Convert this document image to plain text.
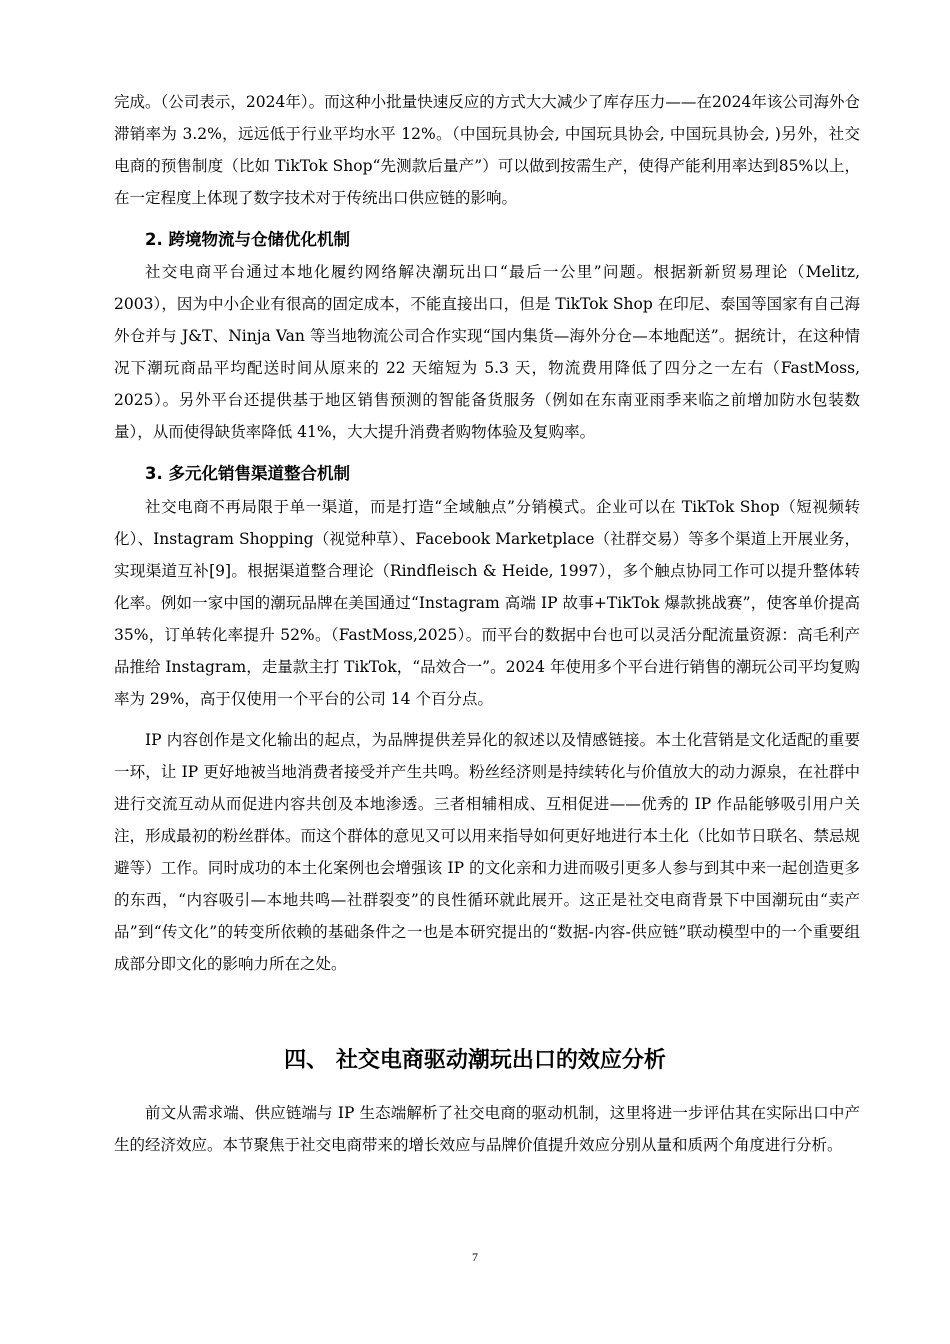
完成。（公司表示，2024年）。而这种小批量快速反应的方式大大减少了库存压力——在2024年该公司海外仓滞销率为 3.2%，远远低于行业平均水平 12%。（中国玩具协会, 中国玩具协会, 中国玩具协会, )另外，社交电商的预售制度（比如 TikTok Shop“先测款后量产”）可以做到按需生产，使得产能利用率达到85%以上，在一定程度上体现了数字技术对于传统出口供应链的影响。

2. 跨境物流与仓储优化机制

社交电商平台通过本地化履约网络解决潮玩出口“最后一公里”问题。根据新新贸易理论（Melitz, 2003），因为中小企业有很高的固定成本，不能直接出口，但是 TikTok Shop 在印尼、泰国等国家有自己海外仓并与 J&T、Ninja Van 等当地物流公司合作实现“国内集货—海外分仓—本地配送”。据统计，在这种情况下潮玩商品平均配送时间从原来的 22 天缩短为 5.3 天，物流费用降低了四分之一左右（FastMoss, 2025）。另外平台还提供基于地区销售预测的智能备货服务（例如在东南亚雨季来临之前增加防水包装数量），从而使得缺货率降低 41%，大大提升消费者购物体验及复购率。

3. 多元化销售渠道整合机制

社交电商不再局限于单一渠道，而是打造“全域触点”分销模式。企业可以在 TikTok Shop（短视频转化）、Instagram Shopping（视觉种草）、Facebook Marketplace（社群交易）等多个渠道上开展业务，实现渠道互补[9]。根据渠道整合理论（Rindfleisch & Heide, 1997），多个触点协同工作可以提升整体转化率。例如一家中国的潮玩品牌在美国通过“Instagram 高端 IP 故事+TikTok 爆款挑战赛”，使客单价提高 35%，订单转化率提升 52%。（FastMoss,2025）。而平台的数据中台也可以灵活分配流量资源：高毛利产品推给 Instagram，走量款主打 TikTok，“品效合一”。2024 年使用多个平台进行销售的潮玩公司平均复购率为 29%，高于仅使用一个平台的公司 14 个百分点。

IP 内容创作是文化输出的起点，为品牌提供差异化的叙述以及情感链接。本土化营销是文化适配的重要一环，让 IP 更好地被当地消费者接受并产生共鸣。粉丝经济则是持续转化与价值放大的动力源泉，在社群中进行交流互动从而促进内容共创及本地渗透。三者相辅相成、互相促进——优秀的 IP 作品能够吸引用户关注，形成最初的粉丝群体。而这个群体的意见又可以用来指导如何更好地进行本土化（比如节日联名、禁忌规避等）工作。同时成功的本土化案例也会增强该 IP 的文化亲和力进而吸引更多人参与到其中来一起创造更多的东西，“内容吸引—本地共鸣—社群裂变”的良性循环就此展开。这正是社交电商背景下中国潮玩由“卖产品”到“传文化”的转变所依赖的基础条件之一也是本研究提出的“数据-内容-供应链”联动模型中的一个重要组成部分即文化的影响力所在之处。

四、 社交电商驱动潮玩出口的效应分析

前文从需求端、供应链端与 IP 生态端解析了社交电商的驱动机制，这里将进一步评估其在实际出口中产生的经济效应。本节聚焦于社交电商带来的增长效应与品牌价值提升效应分别从量和质两个角度进行分析。

7
